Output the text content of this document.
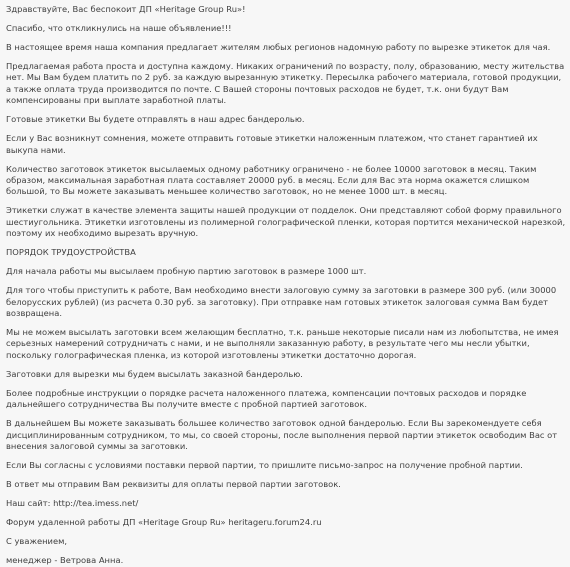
Здравствуйте, Вас беспокоит ДП «Heritage Group Ru»!

Спасибо, что откликнулись на наше объявление!!!

В настоящее время наша компания предлагает жителям любых регионов надомную работу по вырезке этикеток для чая.

Предлагаемая работа проста и доступна каждому. Никаких ограничений по возрасту, полу, образованию, месту жительства нет. Мы Вам будем платить по 2 руб. за каждую вырезанную этикетку. Пересылка рабочего материала, готовой продукции, а также оплата труда производится по почте. С Вашей стороны почтовых расходов не будет, т.к. они будут Вам компенсированы при выплате заработной платы.

Готовые этикетки Вы будете отправлять в наш адрес бандеролью.

Если у Вас возникнут сомнения, можете отправить готовые этикетки наложенным платежом, что станет гарантией их выкупа нами.

Количество заготовок этикеток высылаемых одному работнику ограничено - не более 10000 заготовок в месяц. Таким образом, максимальная заработная плата составляет 20000 руб. в месяц. Если для Вас эта норма окажется слишком большой, то Вы можете заказывать меньшее количество заготовок, но не менее 1000 шт. в месяц.

Этикетки служат в качестве элемента защиты нашей продукции от подделок. Они представляют собой форму правильного шестиугольника. Этикетки изготовлены из полимерной голографической пленки, которая портится механической нарезкой, поэтому их необходимо вырезать вручную.

ПОРЯДОК ТРУДОУСТРОЙСТВА

Для начала работы мы высылаем пробную партию заготовок в размере 1000 шт.

Для того чтобы приступить к работе, Вам необходимо внести залоговую сумму за заготовки в размере 300 руб. (или 30000 белорусских рублей) (из расчета 0.30 руб. за заготовку). При отправке нам готовых этикеток залоговая сумма Вам будет возвращена.

Мы не можем высылать заготовки всем желающим бесплатно, т.к. раньше некоторые писали нам из любопытства, не имея серьезных намерений сотрудничать с нами, и не выполняли заказанную работу, в результате чего мы несли убытки, поскольку голографическая пленка, из которой изготовлены этикетки достаточно дорогая.

Заготовки для вырезки мы будем высылать заказной бандеролью.

Более подробные инструкции о порядке расчета наложенного платежа, компенсации почтовых расходов и порядке дальнейшего сотрудничества Вы получите вместе с пробной партией заготовок.

В дальнейшем Вы можете заказывать большее количество заготовок одной бандеролью. Если Вы зарекомендуете себя дисциплинированным сотрудником, то мы, со своей стороны, после выполнения первой партии этикеток освободим Вас от внесения залоговой суммы за заготовки.

Если Вы согласны с условиями поставки первой партии, то пришлите письмо-запрос на получение пробной партии.

В ответ мы отправим Вам реквизиты для оплаты первой партии заготовок.

Наш сайт: http://tea.imess.net/

Форум удаленной работы ДП «Heritage Group Ru» heritageru.forum24.ru

С уважением,

менеджер - Ветрова Анна.
